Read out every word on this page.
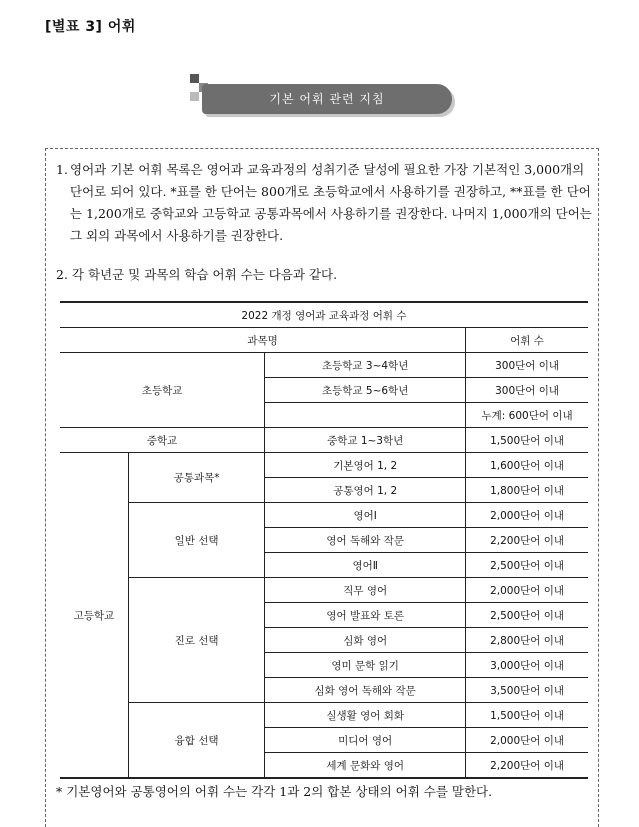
[별표 3] 어휘
기본 어휘 관련 지침
1. 영어과 기본 어휘 목록은 영어과 교육과정의 성취기준 달성에 필요한 가장 기본적인 3,000개의
단어로 되어 있다. *표를 한 단어는 800개로 초등학교에서 사용하기를 권장하고, **표를 한 단어
는 1,200개로 중학교와 고등학교 공통과목에서 사용하기를 권장한다. 나머지 1,000개의 단어는
그 외의 과목에서 사용하기를 권장한다.
2. 각 학년군 및 과목의 학습 어휘 수는 다음과 같다.
2022 개정 영어과 교육과정 어휘 수			
과목명			어휘 수
초등학교		초등학교 3~4학년	300단어 이내
		초등학교 5~6학년	300단어 이내
			누계: 600단어 이내
중학교		중학교 1~3학년	1,500단어 이내
고등학교	공통과목*	기본영어 1, 2	1,600단어 이내
		공통영어 1, 2	1,800단어 이내
	일반 선택	영어Ⅰ	2,000단어 이내
		영어 독해와 작문	2,200단어 이내
		영어Ⅱ	2,500단어 이내
	진로 선택	직무 영어	2,000단어 이내
		영어 발표와 토론	2,500단어 이내
		심화 영어	2,800단어 이내
		영미 문학 읽기	3,000단어 이내
		심화 영어 독해와 작문	3,500단어 이내
	융합 선택	실생활 영어 회화	1,500단어 이내
		미디어 영어	2,000단어 이내
		세계 문화와 영어	2,200단어 이내
* 기본영어와 공통영어의 어휘 수는 각각 1과 2의 합본 상태의 어휘 수를 말한다.
